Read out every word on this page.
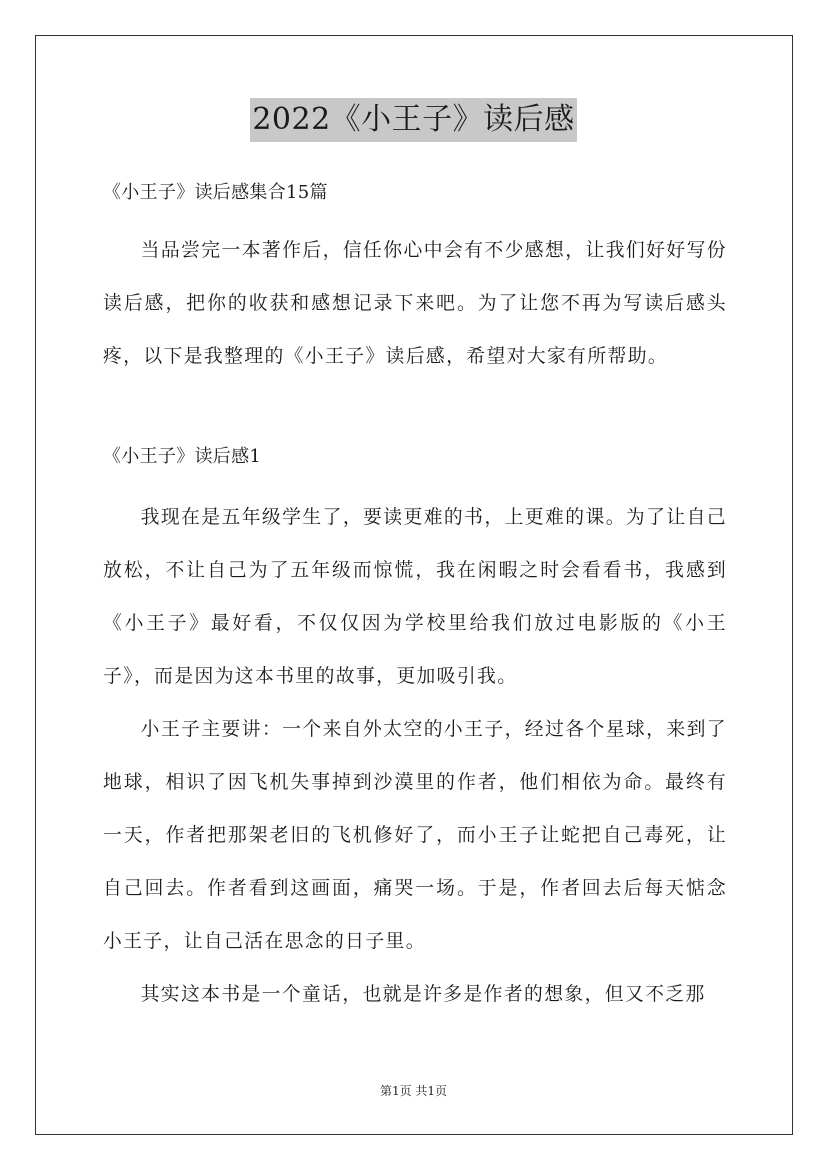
2022《小王子》读后感

《小王子》读后感集合15篇

当品尝完一本著作后，信任你心中会有不少感想，让我们好好写份读后感，把你的收获和感想记录下来吧。为了让您不再为写读后感头疼，以下是我整理的《小王子》读后感，希望对大家有所帮助。

《小王子》读后感1

我现在是五年级学生了，要读更难的书，上更难的课。为了让自己放松，不让自己为了五年级而惊慌，我在闲暇之时会看看书，我感到《小王子》最好看，不仅仅因为学校里给我们放过电影版的《小王子》，而是因为这本书里的故事，更加吸引我。

小王子主要讲：一个来自外太空的小王子，经过各个星球，来到了地球，相识了因飞机失事掉到沙漠里的作者，他们相依为命。最终有一天，作者把那架老旧的飞机修好了，而小王子让蛇把自己毒死，让自己回去。作者看到这画面，痛哭一场。于是，作者回去后每天惦念小王子，让自己活在思念的日子里。

其实这本书是一个童话，也就是许多是作者的想象，但又不乏那

第1页 共1页
